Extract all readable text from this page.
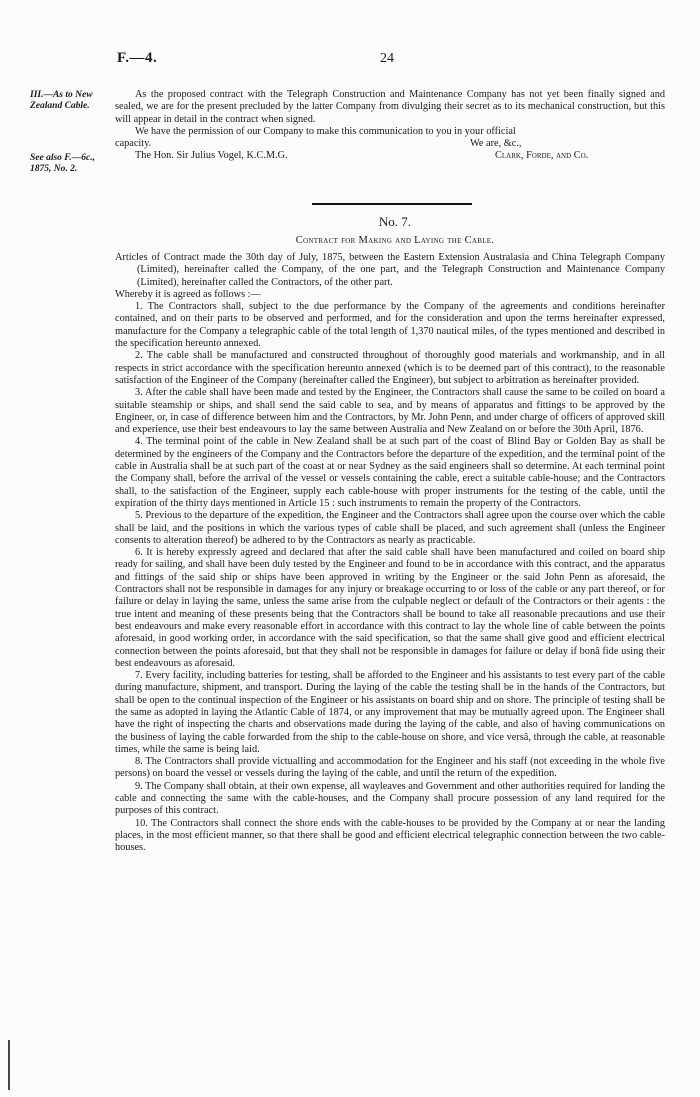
F.—4.	24
III.—As to New Zealand Cable.
See also F.—6c., 1875, No. 2.

As the proposed contract with the Telegraph Construction and Maintenance Company has not yet been finally signed and sealed, we are for the present precluded by the latter Company from divulging their secret as to its mechanical construction, but this will appear in detail in the contract when signed.

We have the permission of our Company to make this communication to you in your official

capacity.	We are, &c.,
The Hon. Sir Julius Vogel, K.C.M.G.	Clark, Forde, and Co.
No. 7.
Contract for Making and Laying the Cable.

Articles of Contract made the 30th day of July, 1875, between the Eastern Extension Australasia and China Telegraph Company (Limited), hereinafter called the Company, of the one part, and the Telegraph Construction and Maintenance Company (Limited), hereinafter called the Contractors, of the other part.

Whereby it is agreed as follows :—

1. The Contractors shall, subject to the due performance by the Company of the agreements and conditions hereinafter contained, and on their parts to be observed and performed, and for the consideration and upon the terms hereinafter expressed, manufacture for the Company a telegraphic cable of the total length of 1,370 nautical miles, of the types mentioned and described in the specification hereunto annexed.

2. The cable shall be manufactured and constructed throughout of thoroughly good materials and workmanship, and in all respects in strict accordance with the specification hereunto annexed (which is to be deemed part of this contract), to the reasonable satisfaction of the Engineer of the Company (hereinafter called the Engineer), but subject to arbitration as hereinafter provided.

3. After the cable shall have been made and tested by the Engineer, the Contractors shall cause the same to be coiled on board a suitable steamship or ships, and shall send the said cable to sea, and by means of apparatus and fittings to be approved by the Engineer, or, in case of difference between him and the Contractors, by Mr. John Penn, and under charge of officers of approved skill and experience, use their best endeavours to lay the same between Australia and New Zealand on or before the 30th April, 1876.

4. The terminal point of the cable in New Zealand shall be at such part of the coast of Blind Bay or Golden Bay as shall be determined by the engineers of the Company and the Contractors before the departure of the expedition, and the terminal point of the cable in Australia shall be at such part of the coast at or near Sydney as the said engineers shall so determine. At each terminal point the Company shall, before the arrival of the vessel or vessels containing the cable, erect a suitable cable-house; and the Contractors shall, to the satisfaction of the Engineer, supply each cable-house with proper instruments for the testing of the cable, until the expiration of the thirty days mentioned in Article 15 : such instruments to remain the property of the Contractors.

5. Previous to the departure of the expedition, the Engineer and the Contractors shall agree upon the course over which the cable shall be laid, and the positions in which the various types of cable shall be placed, and such agreement shall (unless the Engineer consents to alteration thereof) be adhered to by the Contractors as nearly as practicable.

6. It is hereby expressly agreed and declared that after the said cable shall have been manufactured and coiled on board ship ready for sailing, and shall have been duly tested by the Engineer and found to be in accordance with this contract, and the apparatus and fittings of the said ship or ships have been approved in writing by the Engineer or the said John Penn as aforesaid, the Contractors shall not be responsible in damages for any injury or breakage occurring to or loss of the cable or any part thereof, or for failure or delay in laying the same, unless the same arise from the culpable neglect or default of the Contractors or their agents : the true intent and meaning of these presents being that the Contractors shall be bound to take all reasonable precautions and use their best endeavours and make every reasonable effort in accordance with this contract to lay the whole line of cable between the points aforesaid, in good working order, in accordance with the said specification, so that the same shall give good and efficient electrical connection between the points aforesaid, but that they shall not be responsible in damages for failure or delay if bonâ fide using their best endeavours as aforesaid.

7. Every facility, including batteries for testing, shall be afforded to the Engineer and his assistants to test every part of the cable during manufacture, shipment, and transport. During the laying of the cable the testing shall be in the hands of the Contractors, but shall be open to the continual inspection of the Engineer or his assistants on board ship and on shore. The principle of testing shall be the same as adopted in laying the Atlantic Cable of 1874, or any improvement that may be mutually agreed upon. The Engineer shall have the right of inspecting the charts and observations made during the laying of the cable, and also of having communications on the business of laying the cable forwarded from the ship to the cable-house on shore, and vice versâ, through the cable, at reasonable times, while the same is being laid.

8. The Contractors shall provide victualling and accommodation for the Engineer and his staff (not exceeding in the whole five persons) on board the vessel or vessels during the laying of the cable, and until the return of the expedition.

9. The Company shall obtain, at their own expense, all wayleaves and Government and other authorities required for landing the cable and connecting the same with the cable-houses, and the Company shall procure possession of any land required for the purposes of this contract.

10. The Contractors shall connect the shore ends with the cable-houses to be provided by the Company at or near the landing places, in the most efficient manner, so that there shall be good and efficient electrical telegraphic connection between the two cable-houses.
